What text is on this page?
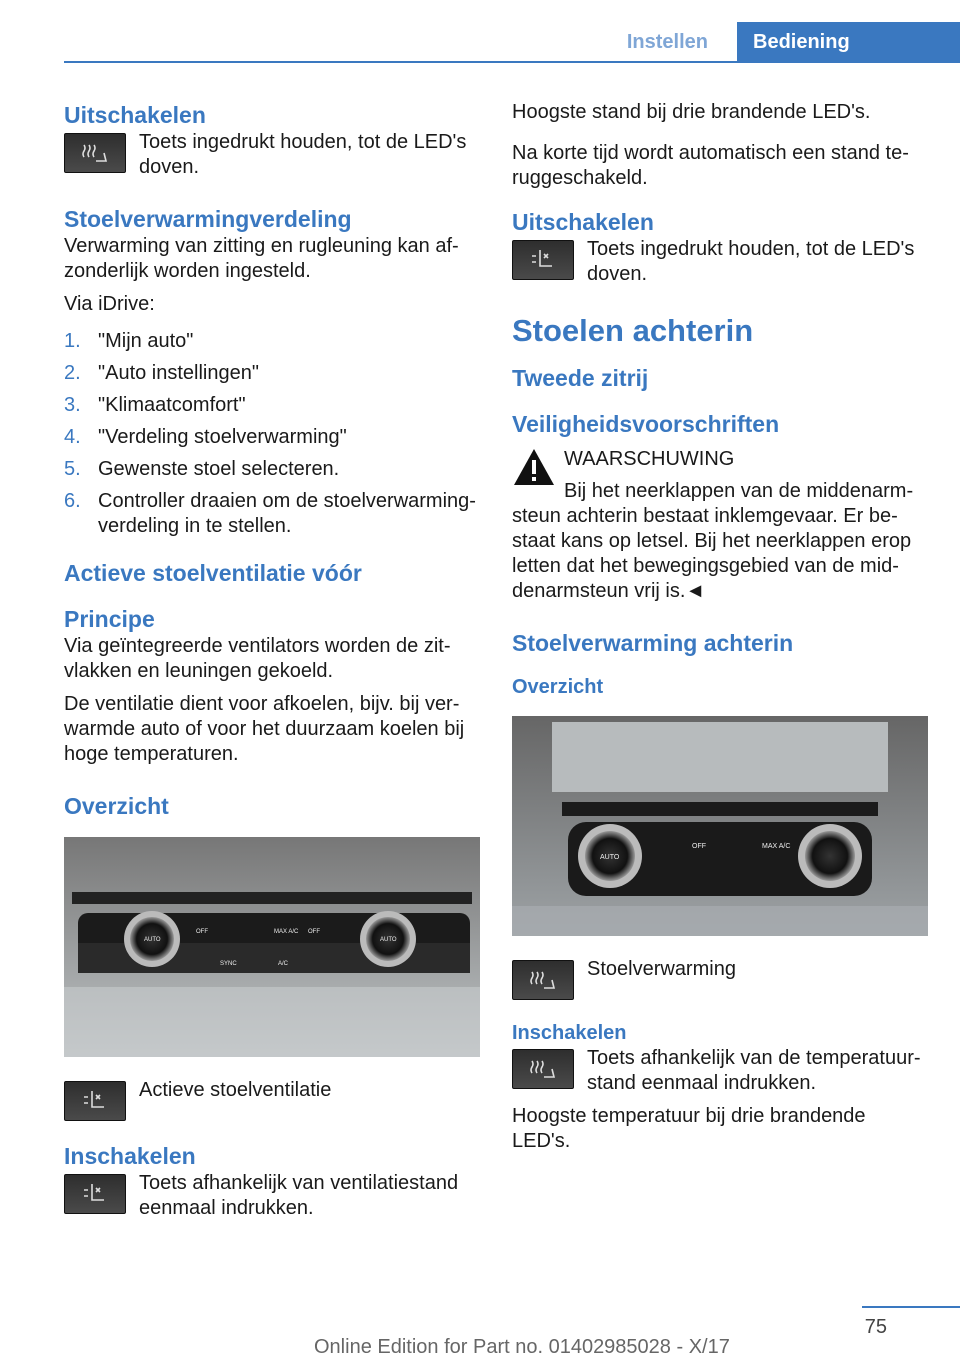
Instellen	Bediening
Uitschakelen

Toets ingedrukt houden, tot de LED's doven.

Stoelverwarmingverdeling

Verwarming van zitting en rugleuning kan afzonderlijk worden ingesteld.

Via iDrive:

1. "Mijn auto"
2. "Auto instellingen"
3. "Klimaatcomfort"
4. "Verdeling stoelverwarming"
5. Gewenste stoel selecteren.
6. Controller draaien om de stoelverwarmingverdeling in te stellen.
Actieve stoelventilatie vóór
Principe

Via geïntegreerde ventilators worden de zitvlakken en leuningen gekoeld.

De ventilatie dient voor afkoelen, bijv. bij verwarmde auto of voor het duurzaam koelen bij hoge temperaturen.

Overzicht
AUTO
OFF	MAX A/C OFF
AUTO
SYNC	A/C

Actieve stoelventilatie

Inschakelen

Toets afhankelijk van ventilatiestand eenmaal indrukken.

Hoogste stand bij drie brandende LED's.

Na korte tijd wordt automatisch een stand teruggeschakeld.

Uitschakelen

Toets ingedrukt houden, tot de LED's doven.

Stoelen achterin
Tweede zitrij
Veiligheidsvoorschriften

WAARSCHUWING

Bij het neerklappen van de middenarmsteun achterin bestaat inklemgevaar. Er bestaat kans op letsel. Bij het neerklappen erop letten dat het bewegingsgebied van de middenarmsteun vrij is.◄

Stoelverwarming achterin
Overzicht
AUTO
OFF	MAX A/C

Stoelverwarming

Inschakelen

Toets afhankelijk van de temperatuurstand eenmaal indrukken.

Hoogste temperatuur bij drie brandende LED's.

75
Online Edition for Part no. 01402985028 - X/17
